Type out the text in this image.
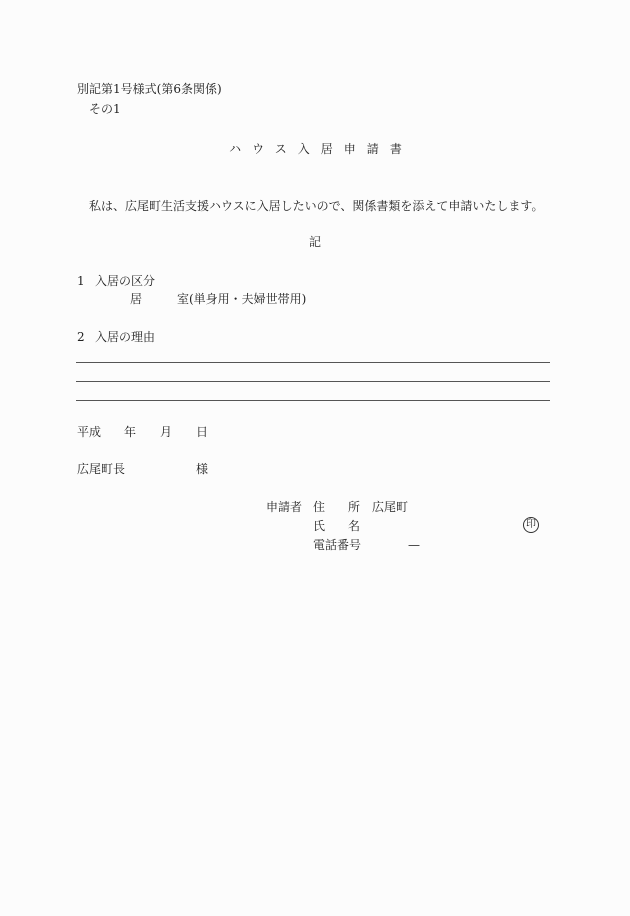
別記第1号様式(第6条関係)
その1
ハウス入居申請書
私は、広尾町生活支援ハウスに入居したいので、関係書類を添えて申請いたします。
記
1 入居の区分
居	室(単身用・夫婦世帯用)
2 入居の理由
平成 年 月 日
広尾町長	様
申請者 住 所 広尾町
氏 名	印
電話番号	—
